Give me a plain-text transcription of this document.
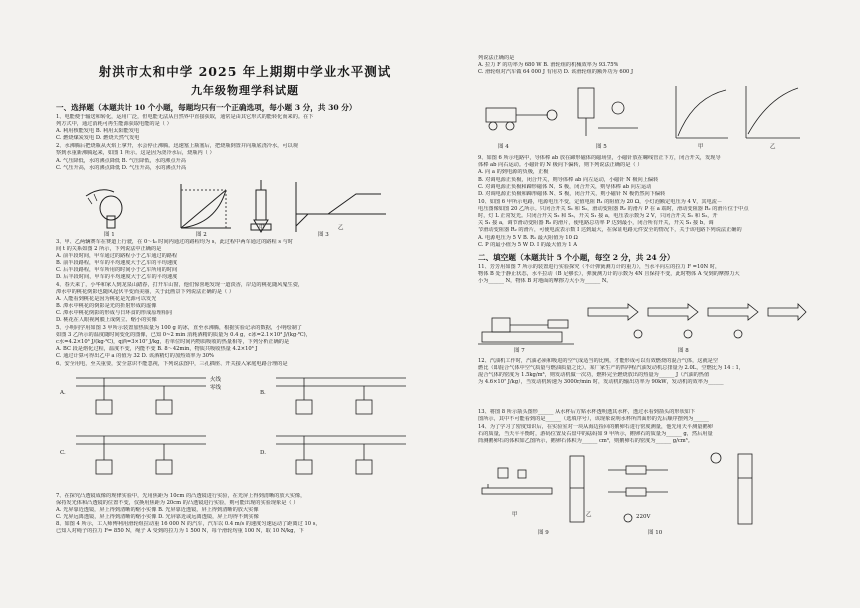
射洪市太和中学 2025 年上期期中学业水平测试
九年级物理学科试题
一、选择题（本题共计 10 个小题，每题均只有一个正确选项，每小题 3 分，共 30 分）
1、电能便于输送和转化，运用广泛，但电能无法从自然界中直接获取，通常是由其它形式的能转化而来的。在下
列方式中，通过消耗可再生能源获取电能的是（ ）
A. 利用核能发电 B. 利用太阳能发电
C. 燃烧煤炭发电 D. 燃烧天然气发电
2、水沸腾后把烧瓶从火焰上拿开，水会停止沸腾。迅速塞上瓶塞后，把烧瓶倒置并向瓶底浇冷水，可以观
察到水重新沸腾起来，如图 1 所示。这是因为浇冷水后，烧瓶内（ ）
A. 气压降低，水的沸点降低 B. 气压降低，水的沸点升高
C. 气压升高，水的沸点降低 D. 气压升高，水的沸点升高
图 1	图 2	图 3
甲	乙
3、甲、乙两辆赛车在赛道上行驶，在 0～t₀ 时间内通过的路程均为 s，此过程中两车通过的路程 s 与时
间 t 的关系如图 2 所示，下列说法中正确的是
A. 前半段时间，甲车通过的路程小于乙车通过的路程
B. 前半段路程，甲车的平均速度大于乙车的平均速度
C. 后半段路程，甲车所用的时间小于乙车所用的时间
D. 后半段时间，甲车的平均速度大于乙车的平均速度
4、春天来了，小华和家人到龙泉山踏春，打开车山窗，他们惊喜地发现一道淡香，岸边的桃花随风鬼生姿，
潭水中的桃花倒影也随风起伏半变而美丽，关于此画景下列说法正确的是（ ）
A. 人能看到桃花是因为桃花是光源可以发光
B. 潭水中桃花的倒影是光的折射形成的虚像
C. 潭水中桃花倒影的形成与日环食的形成原理相同
D. 桃花在人眼视网膜上成倒立、缩小的实像
5、小明同学用如图 3 甲所示装置加热质量为 100 g 的冰，直至水沸腾，根据实验记录的数据，小明绘制了
如图 3 乙所示的温度随时间变化的图像，已知 0~2 min 消耗酒精的质量为 0.4 g，c冰=2.1×10³ J/(kg·℃)，
c水=4.2×10³ J/(kg·℃)，q酒=3×10⁷ J/kg，若单位时间内物质吸收的热量相等，下列分析正确的是
A. BC 段是熔化过程，温度不变，内能不变 B. 8～42min，物质共吸收热量 4.2×10³ J
C. 通过计算可得出乙中 a 的值为 32 D. 该酒精灯的加热效率为 30%
6、安全用电，至关重要，安全意识不能忽视，下列说法图中，三孔插座、开关接入家庭电路合理的是
A.	B.
C.	D.
火线
零线
7、在探究凸透镜成像的规律实验中，先用焦距为 10cm 的凸透镜进行实验，在光屏上得到清晰的放大实像，
保持发光体和凸透镜的位置不变，仅换用焦距为 20cm 的凸透镜进行实验，则可能出现的实验现象是（ ）
A. 光屏靠近透镜，屏上得到清晰的缩小实像 B. 光屏靠近透镜，屏上得到清晰的放大实像
C. 光屏远离透镜，屏上得到清晰的缩小实像 D. 光屏靠近或远离透镜，屏上均得不到实像
8、如图 4 所示，工人师傅利用滑轮组拉动重 16 000 N 的汽车，汽车以 0.4 m/s 的速度匀速运动了距离过 10 s，
已知人对绳子的拉力 F= 850 N，绳子 A 受到的拉力为 1 500 N，每个滑轮均重 100 N，取 10 N/kg，下
列说法正确的是
A. 拉力 F 的功率为 680 W B. 滑轮组的机械效率为 93.75%
C. 滑轮组对汽车做 64 000 J 有用功 D. 该滑轮组的额外功为 600 J
图 4	图 5	甲	乙
9、如图 6 所示电路中，导体棒 ab 放在蹄形磁体的磁场里，小磁针放在螺线管正下方，闭合开关，发现导
体棒 ab 向右运动。小磁针的 N 极向下偏转，则下列说法正确的是（ ）
A. 向 a 的到电源的负极，正极
B. 对调电源正负极，闭合开关，则导体棒 ab 向左运动，小磁针 N 极向上偏转
C. 对调电源正负极和蹄形磁体 N、S 极，闭合开关，则导体棒 ab 向左运动
D. 对调电源正负极和蹄形磁体 N、S 极，闭合开关，则小磁针 N 极仍然向下偏转
10、如图 6 甲所示电路，电源电压不变，定值电阻 R₁ 的阻值为 20 Ω，小灯泡额定电压为 4 V，其电流－
电压图像如图 20 乙所示。只闭合开关 S₁ 和 S₂，滑动变阻器 R₂ 的滑片 P 在 a 端时，滑动变阻器 R₂ 的滑片位于中点
时，灯 L 正常发光。只闭合开关 S₂ 和 S₃，开关 S₁ 接 a，电压表示数为 2 V，只闭合开关 S₁ 和 S₂，开
关 S₁ 接 a，调节滑动变阻器 R₂ 的滑片，使电路总功率 P 达到最小，闭合所有开关，开关 S₁ 接 b，调
节滑动变阻器 R₂ 的滑片，可使电流表示数 I 达到最大，在保证电路元件安全的情况下，关于该电路下列说法正确的
A. 电源电压为 5 V B. R₁ 最大阻值为 10 Ω
C. P 的最小值为 5 W D. I 的最大值为 1 A
二、填空题（本题共计 5 个小题，每空 2 分，共 24 分）
11、芳芳用如图 7 所示的装置进行实验探究（不计弹簧测力计的重力），当水平向左的拉力 F =10N 时，
物体 B 处于静止状态，水平拉动（B 足够长），弹簧测力计的示数为 4N 且保持不变，此时物体 A 受到的摩擦力大
小为______ N，物体 B 对地面的摩擦力大小为______ N。
图 7	图 8
12、汽油机工作时，汽油必须和吸进的空气成适当的比例，才能形成可以有效燃烧的混合气体，这就是空
燃比（即混合气体中空气质量与燃油质量之比）。某厂家生产的四冲程汽油发动机总排量为 2.0L，空燃比为 14 : 1，
混合气体的密度为 1.5kg/m³，则发动机做一次功，燃料完全燃烧放出的热量为______ J（汽油的热值
为 4.6×10⁷ J/kg），当发动机转速为 3000r/min 时，发动机的输出功率为 90kW，发动机的效率为______
13、将图 8 所示箭头图形______ 从水杯后方贴水杯透明透其水杯，透过水看到箭头的形状如下
图所示，其中不可能看到的是______（选填序号），该现象说明水杯所凹面形的先后顺序摆列为______
14、为了学习了密度知识后，在实验室对一块从海边捡回的鹅卵石进行密度测量，他先用天平测量鹅卵
石的质量，当天平平衡时，游码位置及右盘中的砝码如 9 甲所示，鹅卵石的质量为______ g，然后用量
筒测鹅卵石的体积如乙图所示，鹅卵石体积为______ cm³，则鹅卵石的密度为______ g/cm³。
甲	乙
图 9	图 10
220V
